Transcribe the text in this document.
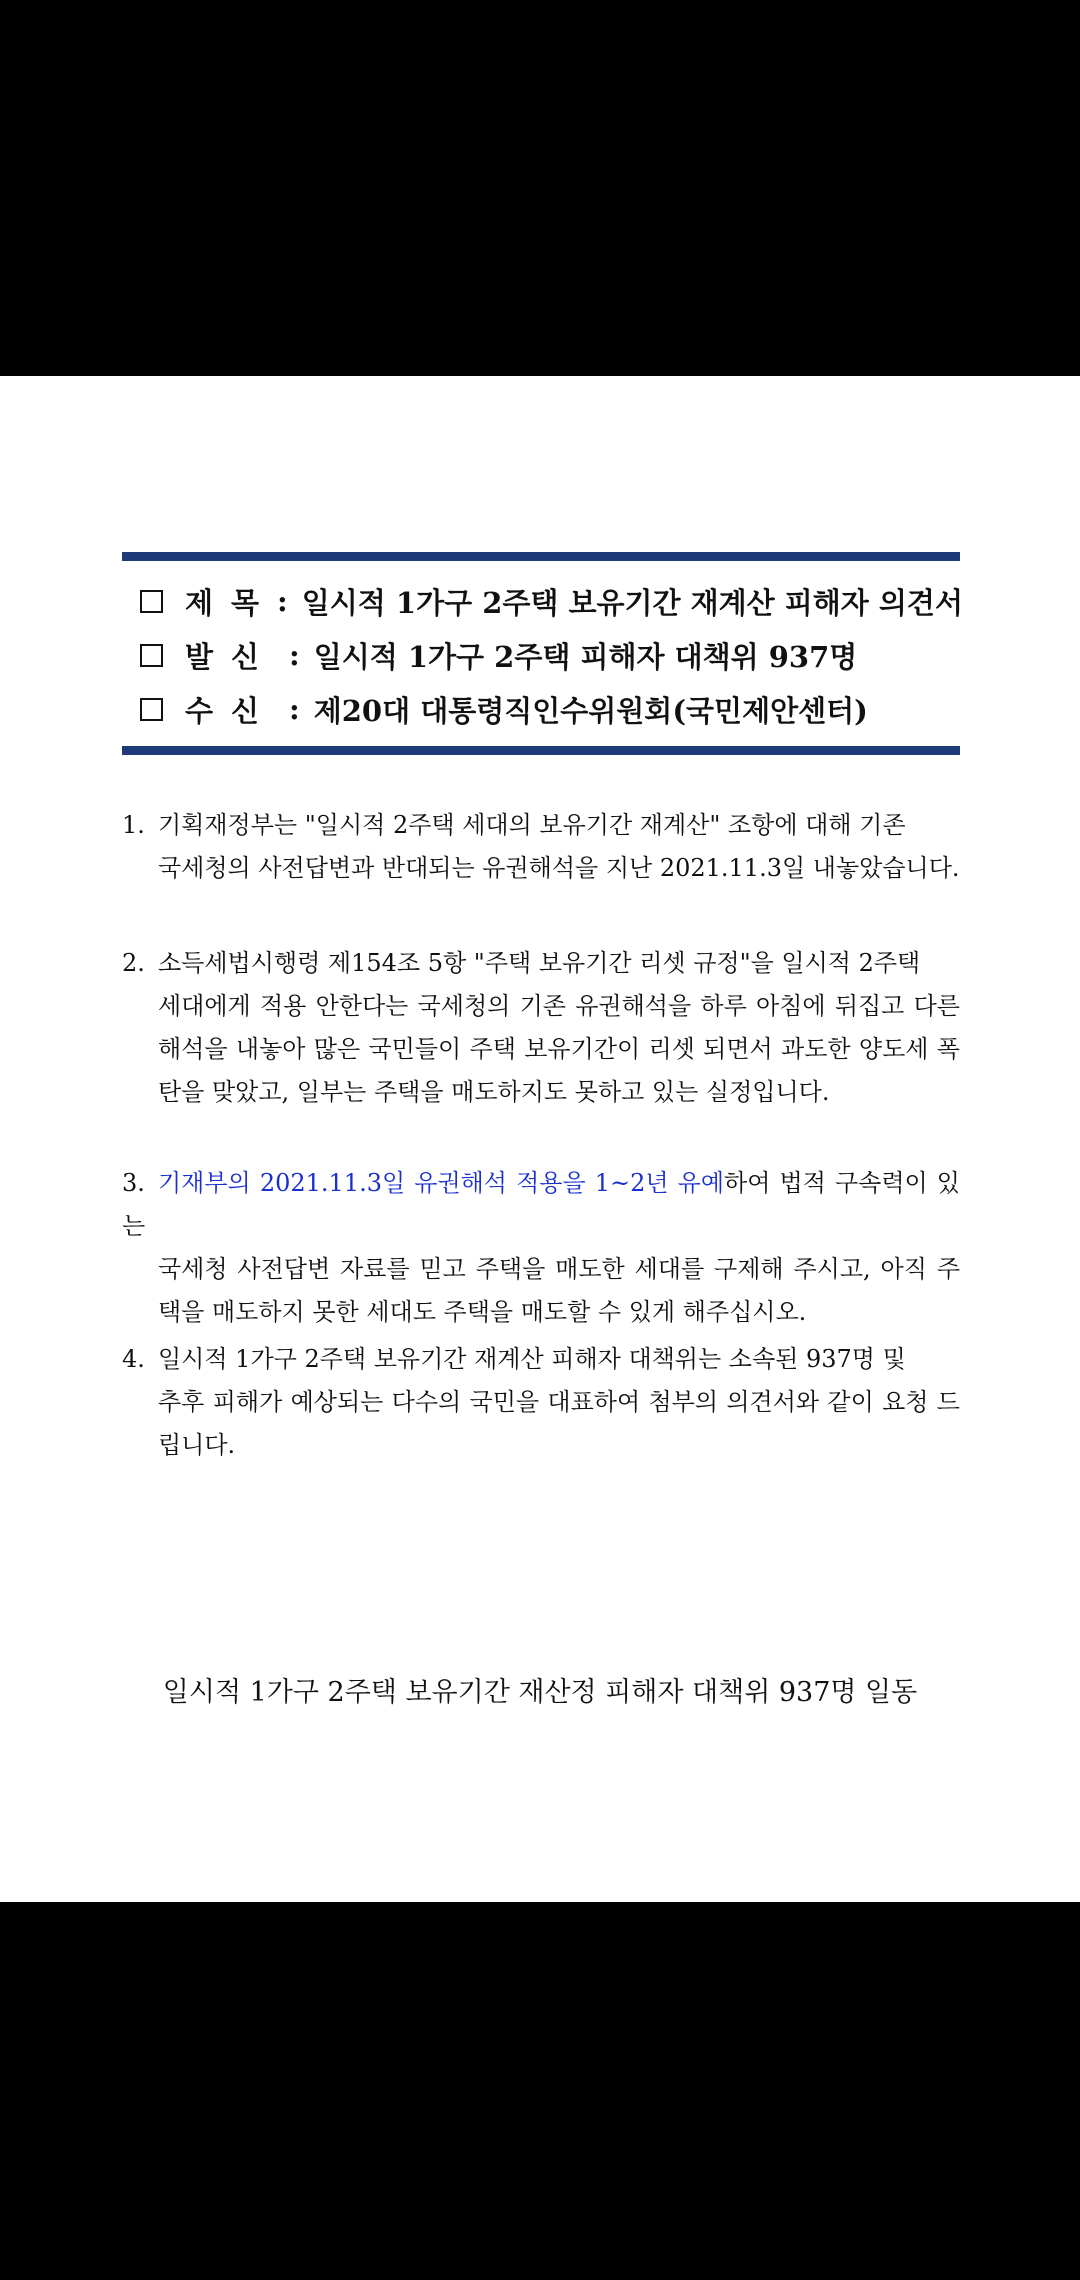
제목 : 일시적 1가구 2주택 보유기간 재계산 피해자 의견서
발신 : 일시적 1가구 2주택 피해자 대책위 937명
수신 : 제20대 대통령직인수위원회(국민제안센터)
1. 기획재정부는 "일시적 2주택 세대의 보유기간 재계산" 조항에 대해 기존
국세청의 사전답변과 반대되는 유권해석을 지난 2021.11.3일 내놓았습니다.
2. 소득세법시행령 제154조 5항 "주택 보유기간 리셋 규정"을 일시적 2주택
세대에게 적용 안한다는 국세청의 기존 유권해석을 하루 아침에 뒤집고 다른 해석을 내놓아 많은 국민들이 주택 보유기간이 리셋 되면서 과도한 양도세 폭탄을 맞았고, 일부는 주택을 매도하지도 못하고 있는 실정입니다.
3. 기재부의 2021.11.3일 유권해석 적용을 1~2년 유예하여 법적 구속력이 있는
국세청 사전답변 자료를 믿고 주택을 매도한 세대를 구제해 주시고, 아직 주택을 매도하지 못한 세대도 주택을 매도할 수 있게 해주십시오.
4. 일시적 1가구 2주택 보유기간 재계산 피해자 대책위는 소속된 937명 및
추후 피해가 예상되는 다수의 국민을 대표하여 첨부의 의견서와 같이 요청 드립니다.
일시적 1가구 2주택 보유기간 재산정 피해자 대책위 937명 일동
